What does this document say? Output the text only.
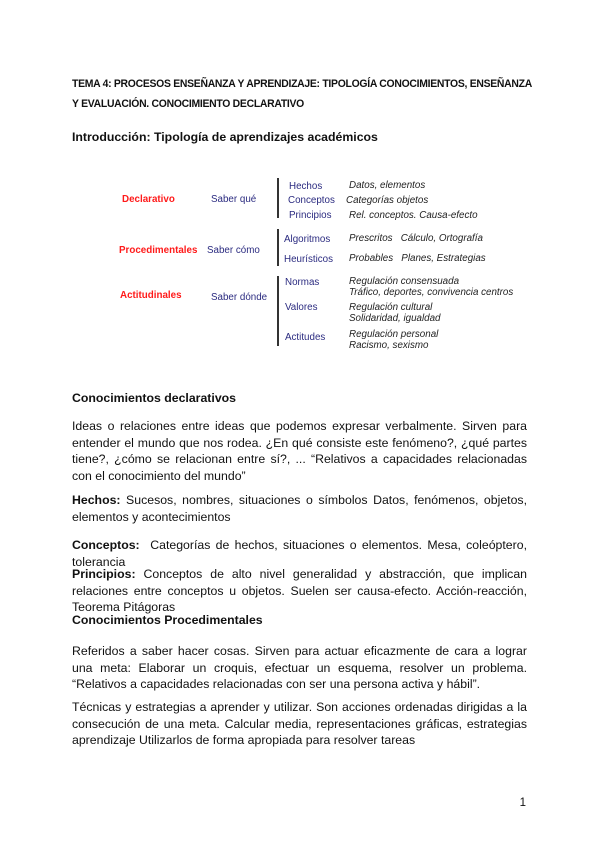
TEMA 4: PROCESOS ENSEÑANZA Y APRENDIZAJE: TIPOLOGÍA CONOCIMIENTOS, ENSEÑANZA Y EVALUACIÓN. CONOCIMIENTO DECLARATIVO
Introducción: Tipología de aprendizajes académicos
Declarativo	Saber qué
Hechos	Datos, elementos
Conceptos Categorías objetos
Principios Rel. conceptos. Causa-efecto
Procedimentales Saber cómo
Algoritmos Prescritos   Cálculo, Ortografía
Heurísticos Probables   Planes, Estrategias
Actitudinales	Saber dónde
Normas	Regulación consensuada
Tráfico, deportes, convivencia centros
Valores	Regulación cultural
Solidaridad, igualdad
Actitudes Regulación personal
Racismo, sexismo
Conocimientos declarativos
Ideas o relaciones entre ideas que podemos expresar verbalmente. Sirven para entender el mundo que nos rodea. ¿En qué consiste este fenómeno?, ¿qué partes tiene?, ¿cómo se relacionan entre sí?, ... “Relativos a capacidades relacionadas con el conocimiento del mundo”
Hechos: Sucesos, nombres, situaciones o símbolos Datos, fenómenos, objetos, elementos y acontecimientos
Conceptos:  Categorías de hechos, situaciones o elementos. Mesa, coleóptero, tolerancia
Principios: Conceptos de alto nivel generalidad y abstracción, que implican relaciones entre conceptos u objetos. Suelen ser causa-efecto. Acción-reacción, Teorema Pitágoras
Conocimientos Procedimentales
Referidos a saber hacer cosas. Sirven para actuar eficazmente de cara a lograr una meta: Elaborar un croquis, efectuar un esquema, resolver un problema. “Relativos a capacidades relacionadas con ser una persona activa y hábil”.
Técnicas y estrategias a aprender y utilizar. Son acciones ordenadas dirigidas a la consecución de una meta. Calcular media, representaciones gráficas, estrategias aprendizaje Utilizarlos de forma apropiada para resolver tareas
1
